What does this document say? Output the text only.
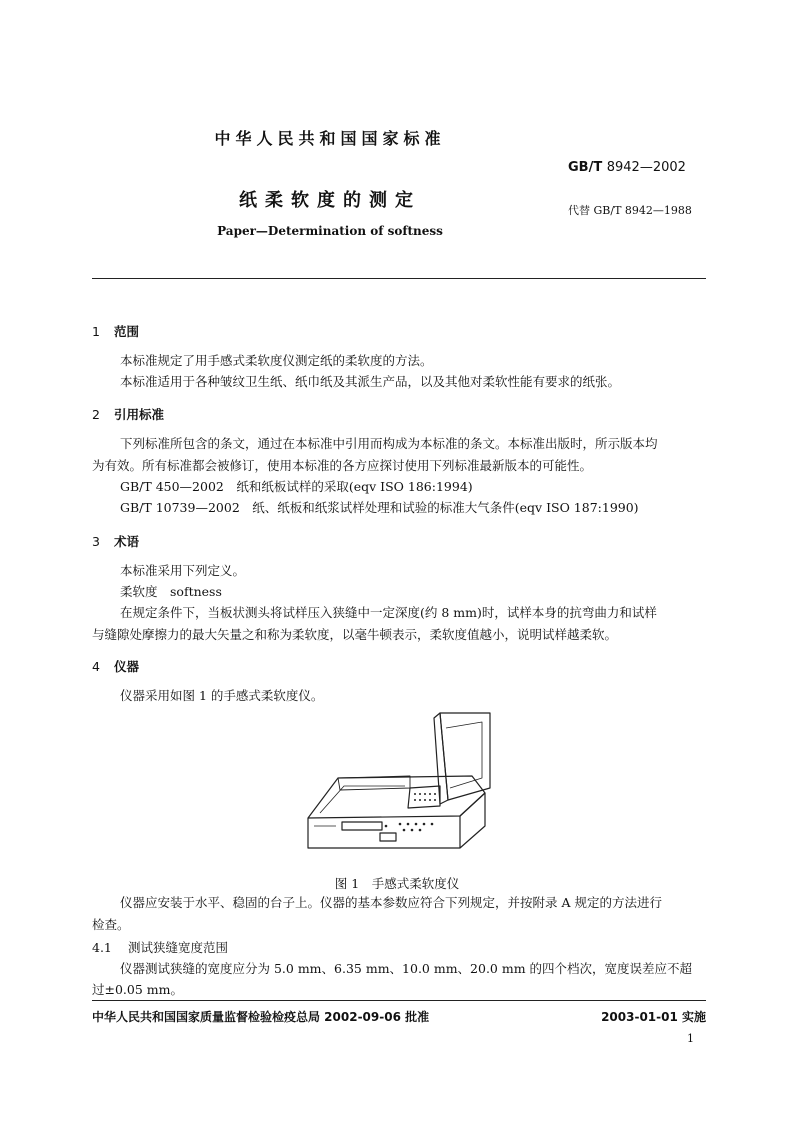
中华人民共和国国家标准
GB/T 8942—2002
纸柔软度的测定	代替 GB/T 8942—1988
Paper—Determination of softness
1 范围
本标准规定了用手感式柔软度仪测定纸的柔软度的方法。
本标准适用于各种皱纹卫生纸、纸巾纸及其派生产品，以及其他对柔软性能有要求的纸张。
2 引用标准
下列标准所包含的条文，通过在本标准中引用而构成为本标准的条文。本标准出版时，所示版本均
为有效。所有标准都会被修订，使用本标准的各方应探讨使用下列标准最新版本的可能性。
GB/T 450—2002　纸和纸板试样的采取(eqv ISO 186:1994)
GB/T 10739—2002　纸、纸板和纸浆试样处理和试验的标准大气条件(eqv ISO 187:1990)
3 术语
本标准采用下列定义。
柔软度　softness
在规定条件下，当板状测头将试样压入狭缝中一定深度(约 8 mm)时，试样本身的抗弯曲力和试样
与缝隙处摩擦力的最大矢量之和称为柔软度，以毫牛顿表示，柔软度值越小，说明试样越柔软。
4 仪器
仪器采用如图 1 的手感式柔软度仪。
图 1　手感式柔软度仪
仪器应安装于水平、稳固的台子上。仪器的基本参数应符合下列规定，并按附录 A 规定的方法进行
检查。
4.1 测试狭缝宽度范围
仪器测试狭缝的宽度应分为 5.0 mm、6.35 mm、10.0 mm、20.0 mm 的四个档次，宽度误差应不超
过±0.05 mm。
中华人民共和国国家质量监督检验检疫总局 2002-09-06 批准	2003-01-01 实施
1
